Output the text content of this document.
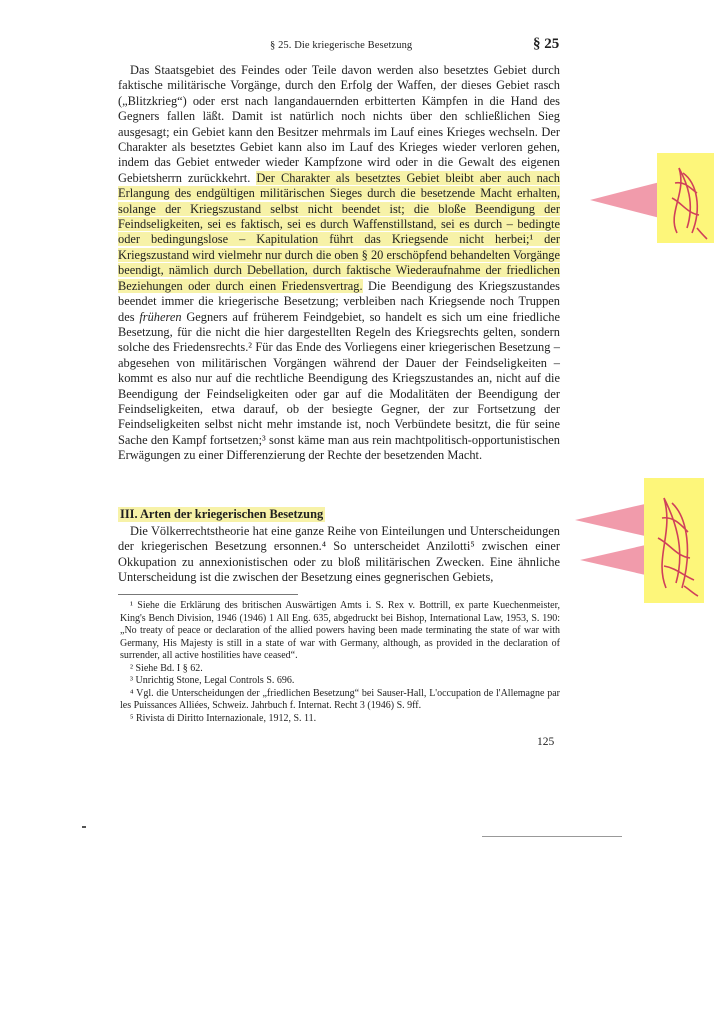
§ 25. Die kriegerische Besetzung	§ 25

Das Staatsgebiet des Feindes oder Teile davon werden also besetztes Gebiet durch faktische militärische Vorgänge, durch den Erfolg der Waffen, der dieses Gebiet rasch („Blitzkrieg“) oder erst nach langandauernden erbitterten Kämpfen in die Hand des Gegners fallen läßt. Damit ist natürlich noch nichts über den schließlichen Sieg ausgesagt; ein Gebiet kann den Besitzer mehrmals im Lauf eines Krieges wechseln. Der Charakter als besetztes Gebiet kann also im Lauf des Krieges wieder verloren gehen, indem das Gebiet entweder wieder Kampfzone wird oder in die Gewalt des eigenen Gebietsherrn zurückkehrt. Der Charakter als besetztes Gebiet bleibt aber auch nach Erlangung des endgültigen militärischen Sieges durch die besetzende Macht erhalten, solange der Kriegszustand selbst nicht beendet ist; die bloße Beendigung der Feindseligkeiten, sei es faktisch, sei es durch Waffenstillstand, sei es durch – bedingte oder bedingungslose – Kapitulation führt das Kriegsende nicht herbei;¹ der Kriegszustand wird vielmehr nur durch die oben § 20 erschöpfend behandelten Vorgänge beendigt, nämlich durch Debellation, durch faktische Wiederaufnahme der friedlichen Beziehungen oder durch einen Friedensvertrag. Die Beendigung des Kriegszustandes beendet immer die kriegerische Besetzung; verbleiben nach Kriegsende noch Truppen des früheren Gegners auf früherem Feindgebiet, so handelt es sich um eine friedliche Besetzung, für die nicht die hier dargestellten Regeln des Kriegsrechts gelten, sondern solche des Friedensrechts.² Für das Ende des Vorliegens einer kriegerischen Besetzung – abgesehen von militärischen Vorgängen während der Dauer der Feindseligkeiten – kommt es also nur auf die rechtliche Beendigung des Kriegszustandes an, nicht auf die Beendigung der Feindseligkeiten oder gar auf die Modalitäten der Beendigung der Feindseligkeiten, etwa darauf, ob der besiegte Gegner, der zur Fortsetzung der Feindseligkeiten selbst nicht mehr imstande ist, noch Verbündete besitzt, die für seine Sache den Kampf fortsetzen;³ sonst käme man aus rein machtpolitisch-opportunistischen Erwägungen zu einer Differenzierung der Rechte der besetzenden Macht.

III. Arten der kriegerischen Besetzung

Die Völkerrechtstheorie hat eine ganze Reihe von Einteilungen und Unterscheidungen der kriegerischen Besetzung ersonnen.⁴ So unterscheidet Anzilotti⁵ zwischen einer Okkupation zu annexionistischen oder zu bloß militärischen Zwecken. Eine ähnliche Unterscheidung ist die zwischen der Besetzung eines gegnerischen Gebiets,

¹ Siehe die Erklärung des britischen Auswärtigen Amts i. S. Rex v. Bottrill, ex parte Kuechenmeister, King's Bench Division, 1946 (1946) 1 All Eng. 635, abgedruckt bei Bishop, International Law, 1953, S. 190: „No treaty of peace or declaration of the allied powers having been made terminating the state of war with Germany, His Majesty is still in a state of war with Germany, although, as provided in the declaration of surrender, all active hostilities have ceased“.

² Siehe Bd. I § 62.

³ Unrichtig Stone, Legal Controls S. 696.

⁴ Vgl. die Unterscheidungen der „friedlichen Besetzung“ bei Sauser-Hall, L'occupation de l'Allemagne par les Puissances Alliées, Schweiz. Jahrbuch f. Internat. Recht 3 (1946) S. 9ff.

⁵ Rivista di Diritto Internazionale, 1912, S. 11.

125
